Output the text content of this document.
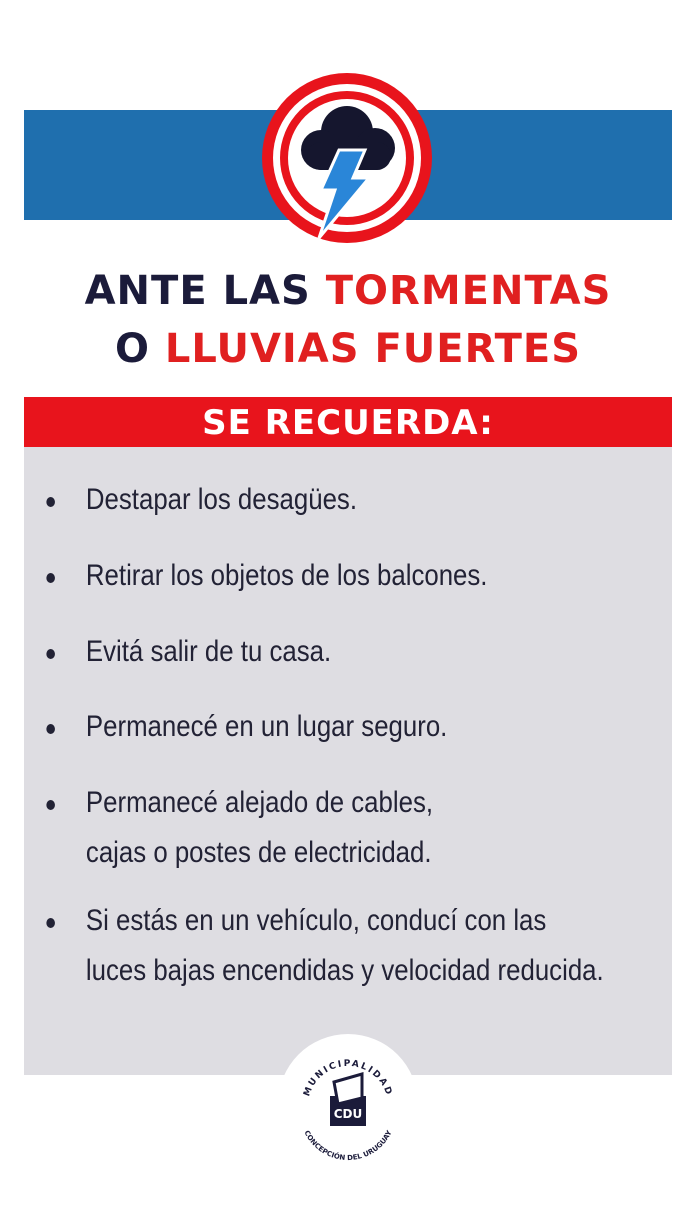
ANTE LAS TORMENTAS
O LLUVIAS FUERTES
SE RECUERDA:
Destapar los desagües.
Retirar los objetos de los balcones.
Evitá salir de tu casa.
Permanecé en un lugar seguro.
Permanecé alejado de cables,
cajas o postes de electricidad.
Si estás en un vehículo, conducí con las
luces bajas encendidas y velocidad reducida.
MUNICIPALIDAD
CDU
CONCEPCIÓN DEL URUGUAY
